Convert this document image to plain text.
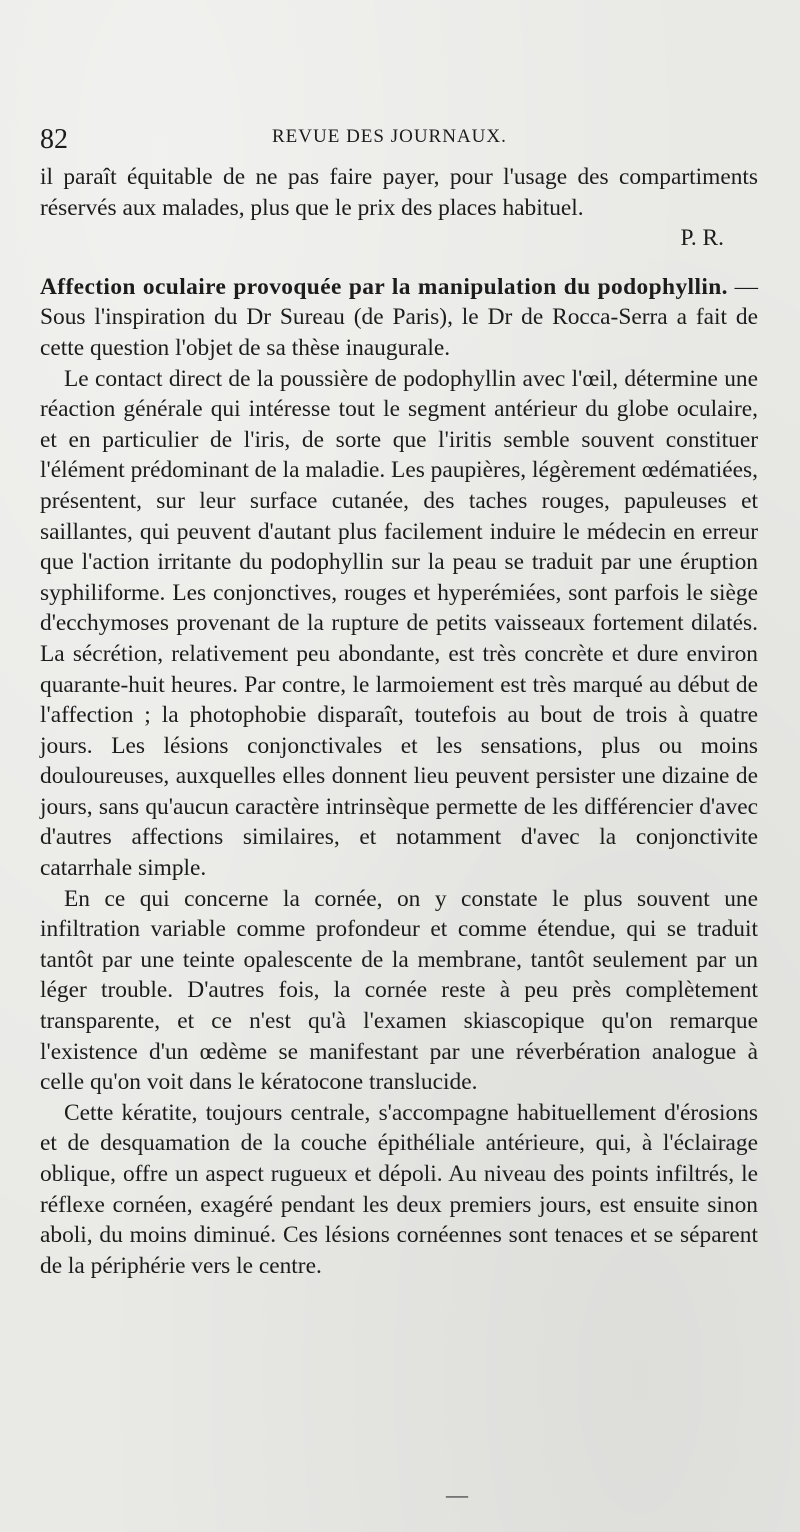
82	REVUE DES JOURNAUX.

il paraît équitable de ne pas faire payer, pour l'usage des compartiments réservés aux malades, plus que le prix des places habituel.
P. R.

Affection oculaire provoquée par la manipulation du podophyllin. — Sous l'inspiration du Dr Sureau (de Paris), le Dr de Rocca-Serra a fait de cette question l'objet de sa thèse inaugurale.

Le contact direct de la poussière de podophyllin avec l'œil, détermine une réaction générale qui intéresse tout le segment antérieur du globe oculaire, et en particulier de l'iris, de sorte que l'iritis semble souvent constituer l'élément prédominant de la maladie. Les paupières, légèrement œdématiées, présentent, sur leur surface cutanée, des taches rouges, papuleuses et saillantes, qui peuvent d'autant plus facilement induire le médecin en erreur que l'action irritante du podophyllin sur la peau se traduit par une éruption syphiliforme. Les conjonctives, rouges et hyperémiées, sont parfois le siège d'ecchymoses provenant de la rupture de petits vaisseaux fortement dilatés. La sécrétion, relativement peu abondante, est très concrète et dure environ quarante-huit heures. Par contre, le larmoiement est très marqué au début de l'affection ; la photophobie disparaît, toutefois au bout de trois à quatre jours. Les lésions conjonctivales et les sensations, plus ou moins douloureuses, auxquelles elles donnent lieu peuvent persister une dizaine de jours, sans qu'aucun caractère intrinsèque permette de les différencier d'avec d'autres affections similaires, et notamment d'avec la conjonctivite catarrhale simple.

En ce qui concerne la cornée, on y constate le plus souvent une infiltration variable comme profondeur et comme étendue, qui se traduit tantôt par une teinte opalescente de la membrane, tantôt seulement par un léger trouble. D'autres fois, la cornée reste à peu près complètement transparente, et ce n'est qu'à l'examen skiascopique qu'on remarque l'existence d'un œdème se manifestant par une réverbération analogue à celle qu'on voit dans le kératocone translucide.

Cette kératite, toujours centrale, s'accompagne habituellement d'érosions et de desquamation de la couche épithéliale antérieure, qui, à l'éclairage oblique, offre un aspect rugueux et dépoli. Au niveau des points infiltrés, le réflexe cornéen, exagéré pendant les deux premiers jours, est ensuite sinon aboli, du moins diminué. Ces lésions cornéennes sont tenaces et se séparent de la périphérie vers le centre.

—
